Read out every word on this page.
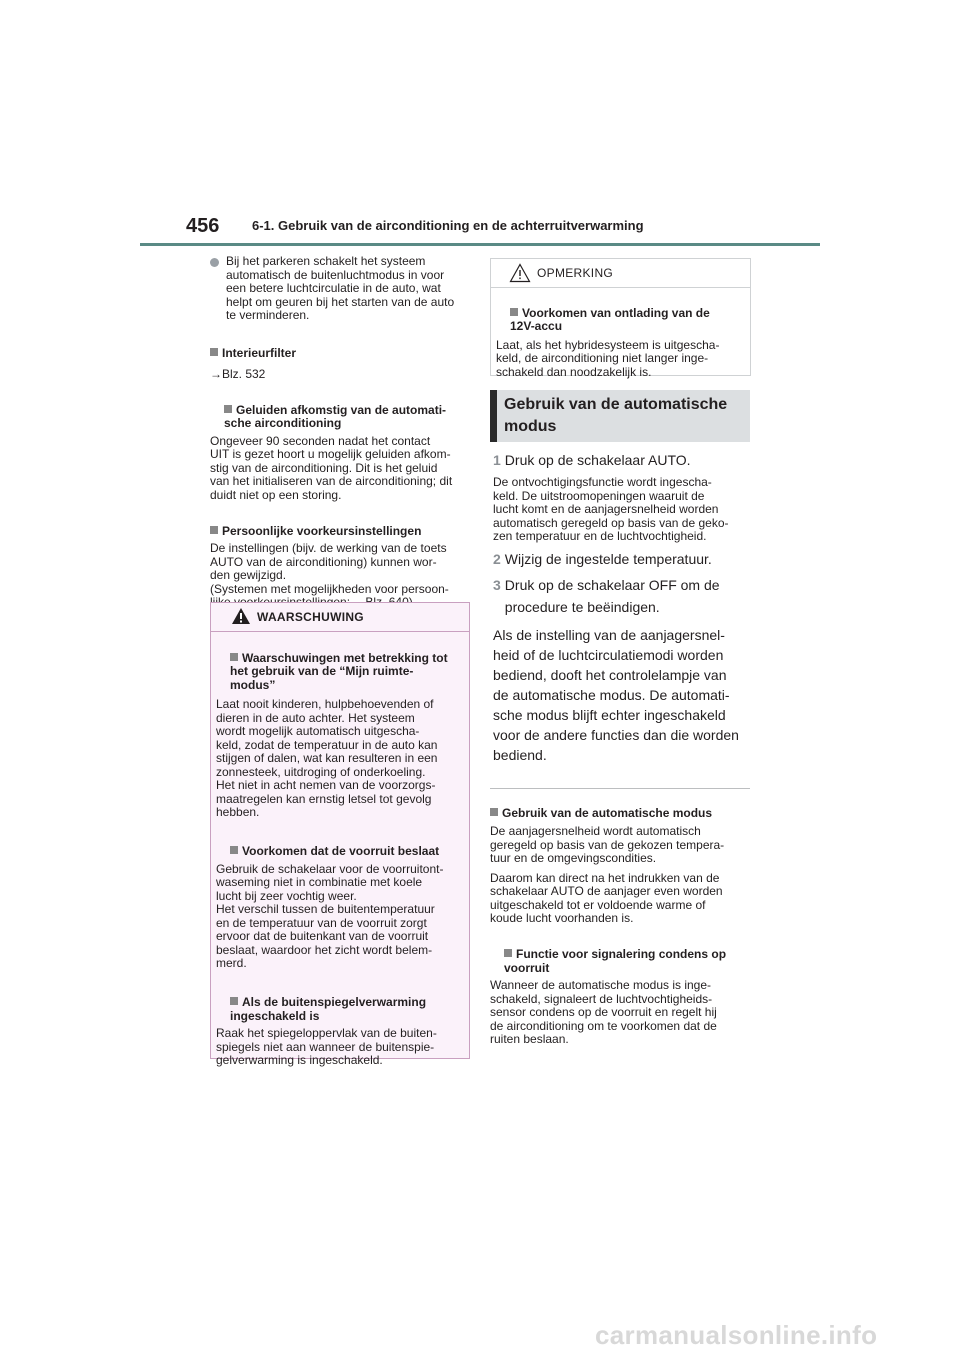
456	6-1. Gebruik van de airconditioning en de achterruitverwarming

Bij het parkeren schakelt het systeem
automatisch de buitenluchtmodus in voor
een betere luchtcirculatie in de auto, wat
helpt om geuren bij het starten van de auto
te verminderen.

Interieurfilter

→Blz. 532

Geluiden afkomstig van de automati-
sche airconditioning

Ongeveer 90 seconden nadat het contact
UIT is gezet hoort u mogelijk geluiden afkom-
stig van de airconditioning. Dit is het geluid
van het initialiseren van de airconditioning; dit
duidt niet op een storing.

Persoonlijke voorkeursinstellingen

De instellingen (bijv. de werking van de toets
AUTO van de airconditioning) kunnen wor-
den gewijzigd.
(Systemen met mogelijkheden voor persoon-

WAARSCHUWING

Waarschuwingen met betrekking tot
het gebruik van de “Mijn ruimte-
modus”

Laat nooit kinderen, hulpbehoevenden of
dieren in de auto achter. Het systeem
wordt mogelijk automatisch uitgescha-
keld, zodat de temperatuur in de auto kan
stijgen of dalen, wat kan resulteren in een
zonnesteek, uitdroging of onderkoeling.
Het niet in acht nemen van de voorzorgs-
maatregelen kan ernstig letsel tot gevolg
hebben.

Voorkomen dat de voorruit beslaat

Gebruik de schakelaar voor de voorruitont-
waseming niet in combinatie met koele
lucht bij zeer vochtig weer.
Het verschil tussen de buitentemperatuur
en de temperatuur van de voorruit zorgt
ervoor dat de buitenkant van de voorruit
beslaat, waardoor het zicht wordt belem-
merd.

Als de buitenspiegelverwarming
ingeschakeld is

Raak het spiegeloppervlak van de buiten-
spiegels niet aan wanneer de buitenspie-
gelverwarming is ingeschakeld.

OPMERKING

Voorkomen van ontlading van de
12V-accu

Laat, als het hybridesysteem is uitgescha-
keld, de airconditioning niet langer inge-
schakeld dan noodzakelijk is.

Gebruik van de automatische
modus
1 Druk op de schakelaar AUTO.

De ontvochtigingsfunctie wordt ingescha-
keld. De uitstroomopeningen waaruit de
lucht komt en de aanjagersnelheid worden
automatisch geregeld op basis van de geko-
zen temperatuur en de luchtvochtigheid.

2 Wijzig de ingestelde temperatuur.
3 Druk op de schakelaar OFF om de
procedure te beëindigen.

Als de instelling van de aanjagersnel-
heid of de luchtcirculatiemodi worden
bediend, dooft het controlelampje van
de automatische modus. De automati-
sche modus blijft echter ingeschakeld
voor de andere functies dan die worden
bediend.

Gebruik van de automatische modus

De aanjagersnelheid wordt automatisch
geregeld op basis van de gekozen tempera-
tuur en de omgevingscondities.

Daarom kan direct na het indrukken van de
schakelaar AUTO de aanjager even worden
uitgeschakeld tot er voldoende warme of
koude lucht voorhanden is.

Functie voor signalering condens op
voorruit

Wanneer de automatische modus is inge-
schakeld, signaleert de luchtvochtigheids-
sensor condens op de voorruit en regelt hij
de airconditioning om te voorkomen dat de
ruiten beslaan.

carmanualsonline.info
